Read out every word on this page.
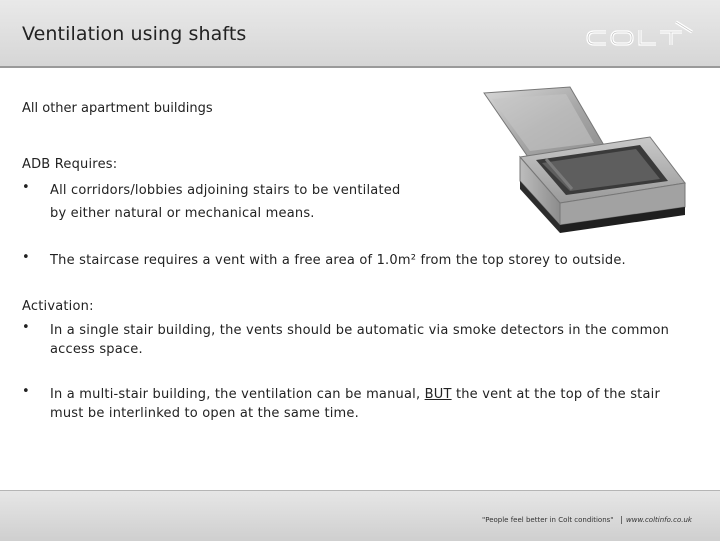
Ventilation using shafts
All other apartment buildings
ADB Requires:
• All corridors/lobbies adjoining stairs to be ventilated
by either natural or mechanical means.
• The staircase requires a vent with a free area of 1.0m² from the top storey to outside.
Activation:
• In a single stair building, the vents should be automatic via smoke detectors in the common
access space.
• In a multi-stair building, the ventilation can be manual, BUT the vent at the top of the stair
must be interlinked to open at the same time.
"People feel better in Colt conditions" | www.coltinfo.co.uk
